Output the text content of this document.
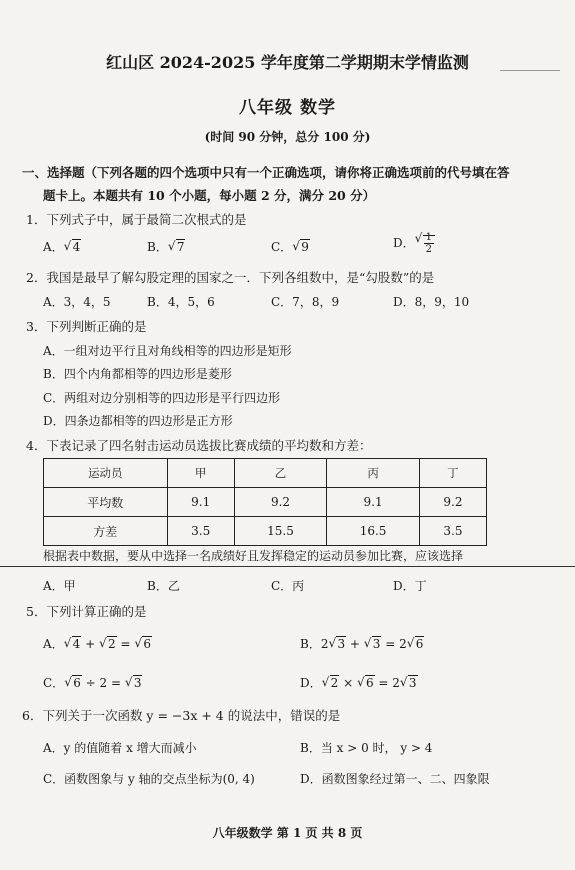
红山区 2024-2025 学年度第二学期期末学情监测
八年级 数学
(时间 90 分钟，总分 100 分)
一、选择题（下列各题的四个选项中只有一个正确选项，请你将正确选项前的代号填在答
题卡上。本题共有 10 个小题，每小题 2 分，满分 20 分）
1．下列式子中，属于最简二次根式的是
A． √ 4	B． √ 7	C． √ 9	D． √ $\frac{1}{2}$
2．我国是最早了解勾股定理的国家之一．下列各组数中，是“勾股数”的是
A．3，4，5	B．4，5，6	C．7，8，9	D．8，9，10
3．下列判断正确的是
A．一组对边平行且对角线相等的四边形是矩形
B．四个内角都相等的四边形是菱形
C．两组对边分别相等的四边形是平行四边形
D．四条边都相等的四边形是正方形
4．下表记录了四名射击运动员选拔比赛成绩的平均数和方差：
运动员	甲	乙	丙	丁
平均数	9.1	9.2	9.1	9.2
方差	3.5	15.5	16.5	3.5
根据表中数据，要从中选择一名成绩好且发挥稳定的运动员参加比赛，应该选择
A．甲	B．乙	C．丙	D．丁
5．下列计算正确的是
A． √ 4 + √ 2 = √ 6	B．2 √ 3 + √ 3 = 2 √ 6
C． √ 6 ÷ 2 = √ 3	D． √ 2 × √ 6 = 2 √ 3
6．下列关于一次函数 y = −3x + 4 的说法中，错误的是
A．y 的值随着 x 增大而减小	B．当 x > 0 时， y > 4
C．函数图象与 y 轴的交点坐标为(0, 4)	D．函数图象经过第一、二、四象限
八年级数学 第 1 页 共 8 页
